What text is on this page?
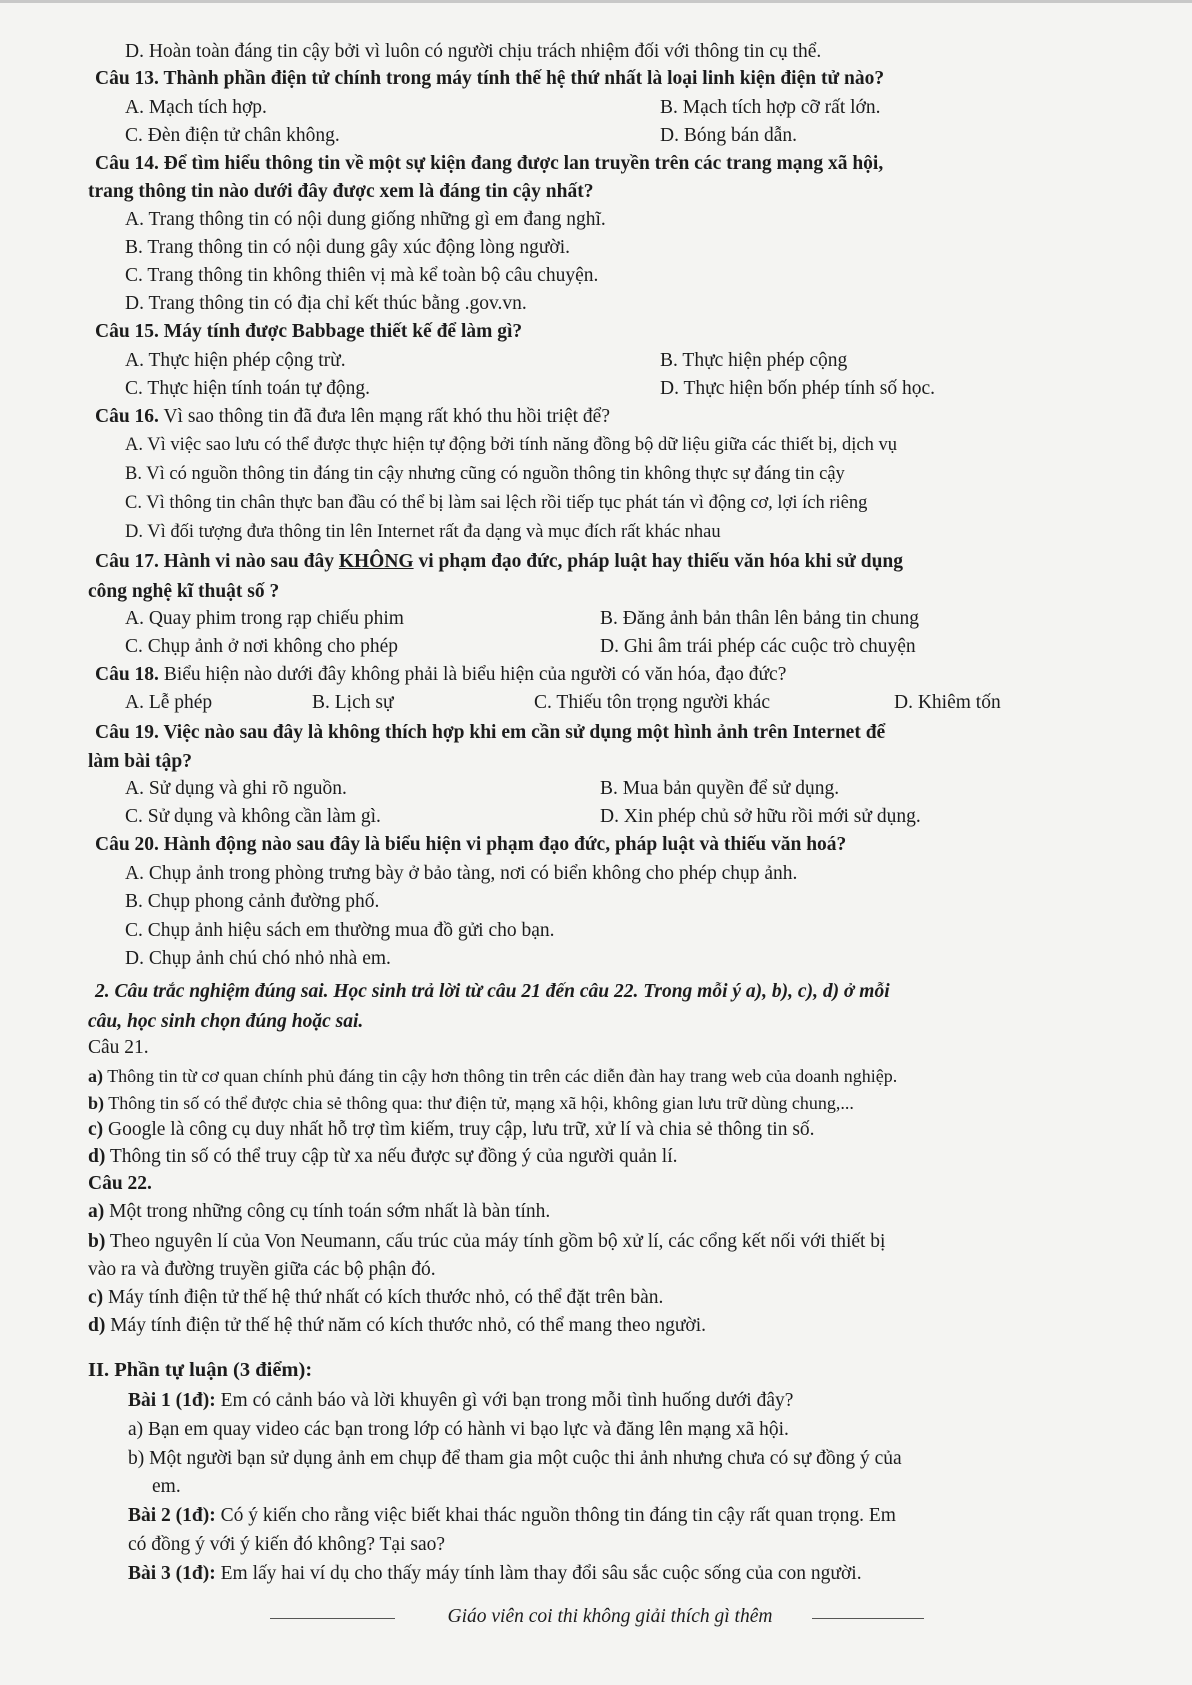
D. Hoàn toàn đáng tin cậy bởi vì luôn có người chịu trách nhiệm đối với thông tin cụ thể.
Câu 13. Thành phần điện tử chính trong máy tính thế hệ thứ nhất là loại linh kiện điện tử nào?
A. Mạch tích hợp.	B. Mạch tích hợp cỡ rất lớn.
C. Đèn điện tử chân không.	D. Bóng bán dẫn.
Câu 14. Để tìm hiểu thông tin về một sự kiện đang được lan truyền trên các trang mạng xã hội,
trang thông tin nào dưới đây được xem là đáng tin cậy nhất?
A. Trang thông tin có nội dung giống những gì em đang nghĩ.
B. Trang thông tin có nội dung gây xúc động lòng người.
C. Trang thông tin không thiên vị mà kể toàn bộ câu chuyện.
D. Trang thông tin có địa chỉ kết thúc bằng .gov.vn.
Câu 15. Máy tính được Babbage thiết kế để làm gì?
A. Thực hiện phép cộng trừ.	B. Thực hiện phép cộng
C. Thực hiện tính toán tự động.	D. Thực hiện bốn phép tính số học.
Câu 16. Vì sao thông tin đã đưa lên mạng rất khó thu hồi triệt để?
A. Vì việc sao lưu có thể được thực hiện tự động bởi tính năng đồng bộ dữ liệu giữa các thiết bị, dịch vụ
B. Vì có nguồn thông tin đáng tin cậy nhưng cũng có nguồn thông tin không thực sự đáng tin cậy
C. Vì thông tin chân thực ban đầu có thể bị làm sai lệch rồi tiếp tục phát tán vì động cơ, lợi ích riêng
D. Vì đối tượng đưa thông tin lên Internet rất đa dạng và mục đích rất khác nhau
Câu 17. Hành vi nào sau đây KHÔNG vi phạm đạo đức, pháp luật hay thiếu văn hóa khi sử dụng
công nghệ kĩ thuật số ?
A. Quay phim trong rạp chiếu phim	B. Đăng ảnh bản thân lên bảng tin chung
C. Chụp ảnh ở nơi không cho phép	D. Ghi âm trái phép các cuộc trò chuyện
Câu 18. Biểu hiện nào dưới đây không phải là biểu hiện của người có văn hóa, đạo đức?
A. Lễ phép	B. Lịch sự	C. Thiếu tôn trọng người khác	D. Khiêm tốn
Câu 19. Việc nào sau đây là không thích hợp khi em cần sử dụng một hình ảnh trên Internet để
làm bài tập?
A. Sử dụng và ghi rõ nguồn.	B. Mua bản quyền để sử dụng.
C. Sử dụng và không cần làm gì.	D. Xin phép chủ sở hữu rồi mới sử dụng.
Câu 20. Hành động nào sau đây là biểu hiện vi phạm đạo đức, pháp luật và thiếu văn hoá?
A. Chụp ảnh trong phòng trưng bày ở bảo tàng, nơi có biển không cho phép chụp ảnh.
B. Chụp phong cảnh đường phố.
C. Chụp ảnh hiệu sách em thường mua đồ gửi cho bạn.
D. Chụp ảnh chú chó nhỏ nhà em.
2. Câu trắc nghiệm đúng sai. Học sinh trả lời từ câu 21 đến câu 22. Trong mỗi ý a), b), c), d) ở mỗi
câu, học sinh chọn đúng hoặc sai.
Câu 21.
a) Thông tin từ cơ quan chính phủ đáng tin cậy hơn thông tin trên các diễn đàn hay trang web của doanh nghiệp.
b) Thông tin số có thể được chia sẻ thông qua: thư điện tử, mạng xã hội, không gian lưu trữ dùng chung,...
c) Google là công cụ duy nhất hỗ trợ tìm kiếm, truy cập, lưu trữ, xử lí và chia sẻ thông tin số.
d) Thông tin số có thể truy cập từ xa nếu được sự đồng ý của người quản lí.
Câu 22.
a) Một trong những công cụ tính toán sớm nhất là bàn tính.
b) Theo nguyên lí của Von Neumann, cấu trúc của máy tính gồm bộ xử lí, các cổng kết nối với thiết bị
vào ra và đường truyền giữa các bộ phận đó.
c) Máy tính điện tử thế hệ thứ nhất có kích thước nhỏ, có thể đặt trên bàn.
d) Máy tính điện tử thế hệ thứ năm có kích thước nhỏ, có thể mang theo người.
II. Phần tự luận (3 điểm):
Bài 1 (1đ): Em có cảnh báo và lời khuyên gì với bạn trong mỗi tình huống dưới đây?
a) Bạn em quay video các bạn trong lớp có hành vi bạo lực và đăng lên mạng xã hội.
b) Một người bạn sử dụng ảnh em chụp để tham gia một cuộc thi ảnh nhưng chưa có sự đồng ý của
em.
Bài 2 (1đ): Có ý kiến cho rằng việc biết khai thác nguồn thông tin đáng tin cậy rất quan trọng. Em
có đồng ý với ý kiến đó không? Tại sao?
Bài 3 (1đ): Em lấy hai ví dụ cho thấy máy tính làm thay đổi sâu sắc cuộc sống của con người.
Giáo viên coi thi không giải thích gì thêm
